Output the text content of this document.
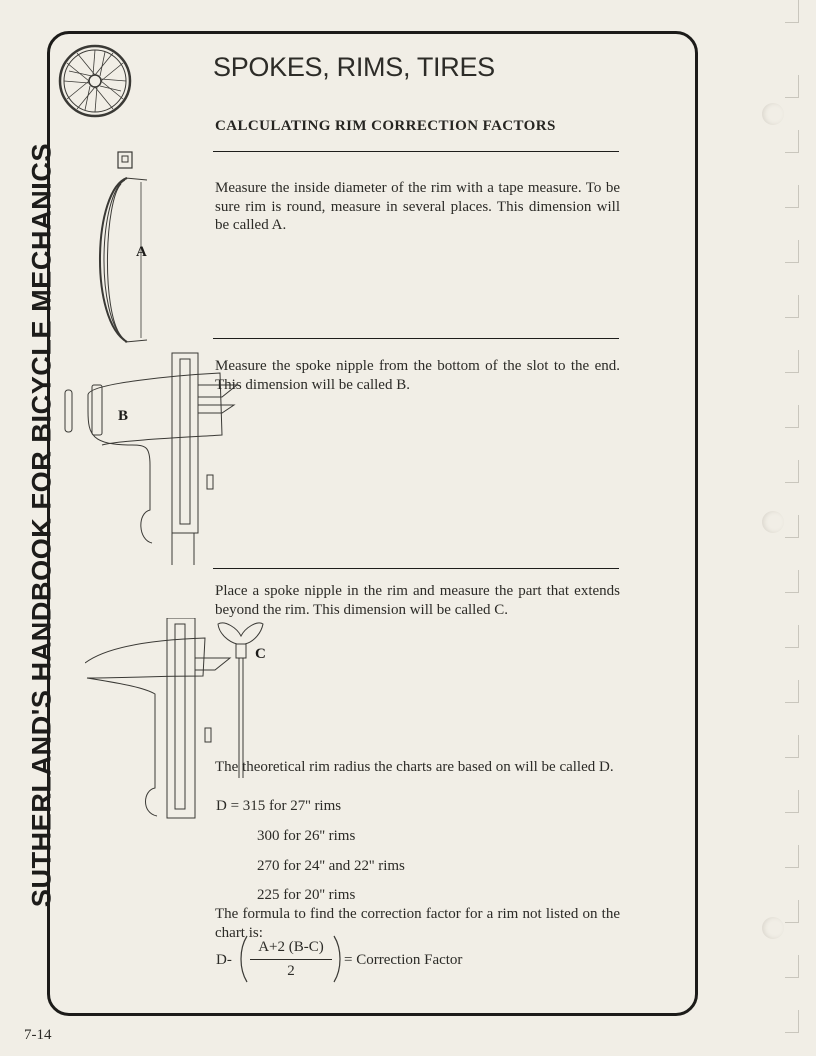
SUTHERLAND'S HANDBOOK FOR BICYCLE MECHANICS
SPOKES, RIMS, TIRES
CALCULATING RIM CORRECTION FACTORS
A

Measure the inside diameter of the rim with a tape measure. To be sure rim is round, measure in several places. This dimension will be called A.

B

Measure the spoke nipple from the bottom of the slot to the end. This dimension will be called B.

Place a spoke nipple in the rim and measure the part that extends beyond the rim. This dimension will be called C.

C

The theoretical rim radius the charts are based on will be called D.

D = 315 for 27'' rims
300 for 26'' rims
270 for 24'' and 22'' rims
225 for 20'' rims

The formula to find the correction factor for a rim not listed on the chart is:

D-
A+2 (B-C)
2
= Correction Factor
7-14
